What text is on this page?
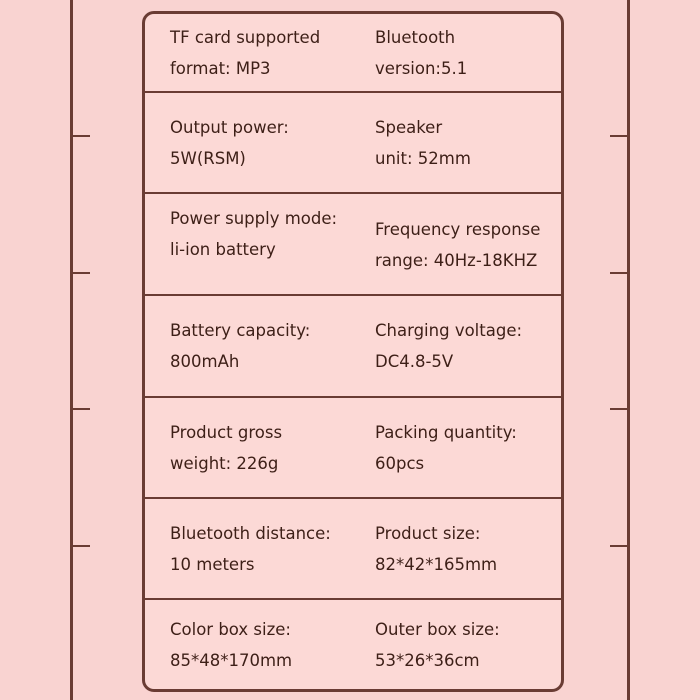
TF card supported
format: MP3
Bluetooth
version:5.1
Output power:
5W(RSM)
Speaker
unit: 52mm
Power supply mode:
li-ion battery
Frequency response
range: 40Hz-18KHZ
Battery capacity:
800mAh
Charging voltage:
DC4.8-5V
Product gross
weight: 226g
Packing quantity:
60pcs
Bluetooth distance:
10 meters
Product size:
82*42*165mm
Color box size:
85*48*170mm
Outer box size:
53*26*36cm
